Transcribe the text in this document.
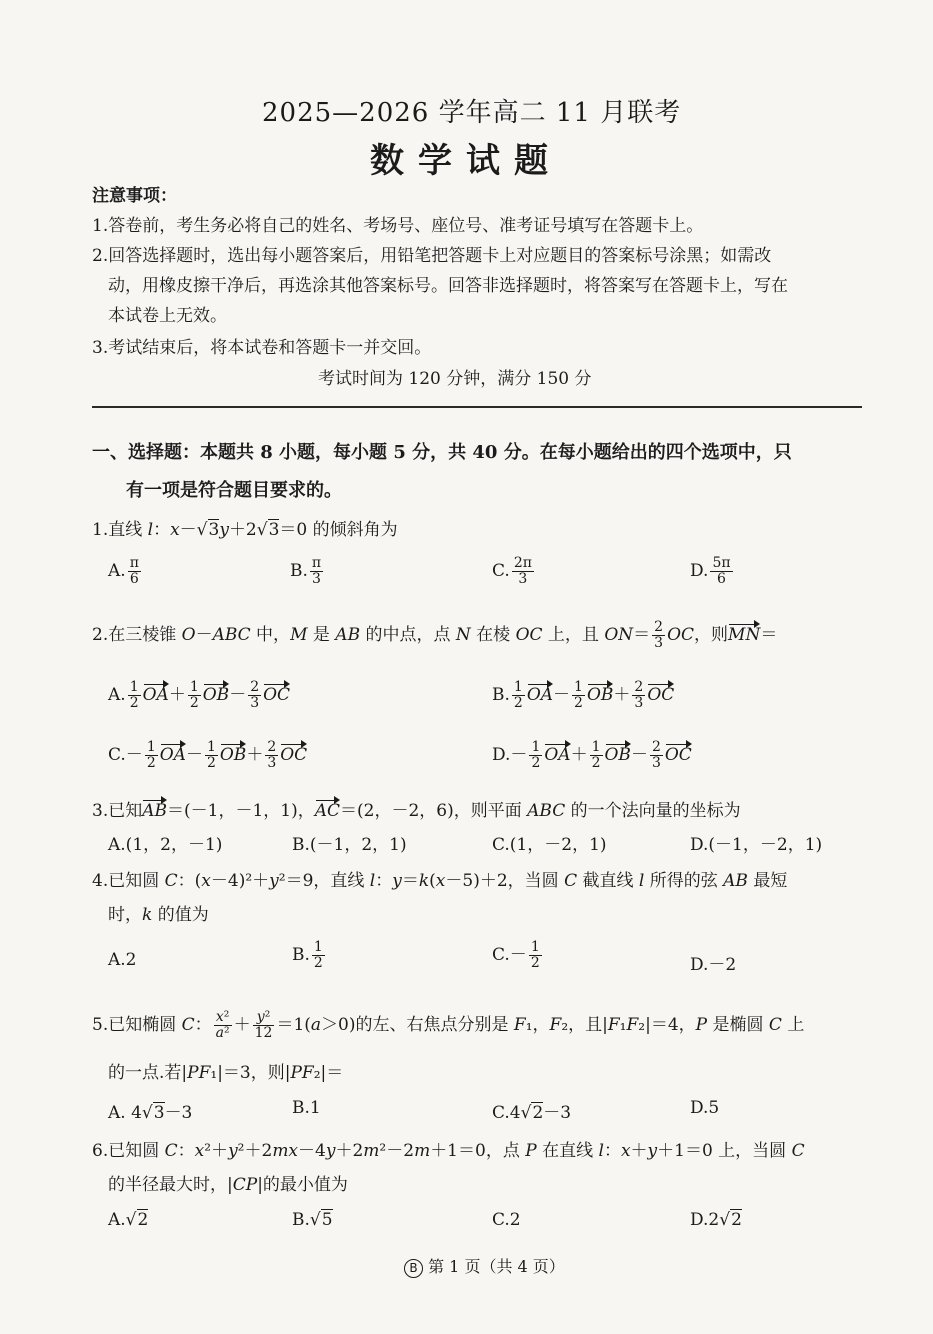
2025—2026 学年高二 11 月联考
数学试题
注意事项：
1.答卷前，考生务必将自己的姓名、考场号、座位号、准考证号填写在答题卡上。
2.回答选择题时，选出每小题答案后，用铅笔把答题卡上对应题目的答案标号涂黑；如需改
动，用橡皮擦干净后，再选涂其他答案标号。回答非选择题时，将答案写在答题卡上，写在
本试卷上无效。
3.考试结束后，将本试卷和答题卡一并交回。
考试时间为 120 分钟，满分 150 分
一、选择题：本题共 8 小题，每小题 5 分，共 40 分。在每小题给出的四个选项中，只
有一项是符合题目要求的。
1.直线 l：x－√3y＋2√3＝0 的倾斜角为
A. $\frac{\pi}{6}$	B. $\frac{\pi}{3}$	C. $\frac{2\pi}{3}$	D. $\frac{5\pi}{6}$
2.在三棱锥 O－ABC 中，M 是 AB 的中点，点 N 在棱 OC 上，且 $ON= \frac{2}{3}$ OC，则MN＝
A. $\frac{1}{2} OA+ \frac{1}{2} OB- \frac{2}{3}$ OC	B. $\frac{1}{2} OA- \frac{1}{2} OB+ \frac{2}{3}$ OC
$C.- \frac{1}{2} OA- \frac{1}{2} OB+ \frac{2}{3}$ OC	$D.- \frac{1}{2} OA+ \frac{1}{2} OB- \frac{2}{3}$ OC
3.已知AB＝(－1，－1，1)，AC＝(2，－2，6)，则平面 ABC 的一个法向量的坐标为
A.(1，2，－1)	B.(－1，2，1)	C.(1，－2，1)	D.(－1，－2，1)
4.已知圆 C：(x－4)²＋y²＝9，直线 l：y＝k(x－5)＋2，当圆 C 截直线 l 所得的弦 AB 最短
时，k 的值为
A.2	B. $\frac{1}{2}$	$C.- \frac{1}{2}$	D.－2
5.已知椭圆 C： $\frac{\text{x²}}{\text{a²}} + \frac{\text{y²}}{12} =1(a>0)$的左、右焦点分别是 F₁，F₂，且|F₁F₂|＝4，P 是椭圆 C 上
的一点.若|PF₁|＝3，则|PF₂|＝
A. 4√3－3	B.1	C.4√2－3	D.5
6.已知圆 C：x²＋y²＋2mx－4y＋2m²－2m＋1＝0，点 P 在直线 l：x＋y＋1＝0 上，当圆 C
的半径最大时，|CP|的最小值为
A.√2	B.√5	C.2	D.2√2
B 第 1 页（共 4 页）
